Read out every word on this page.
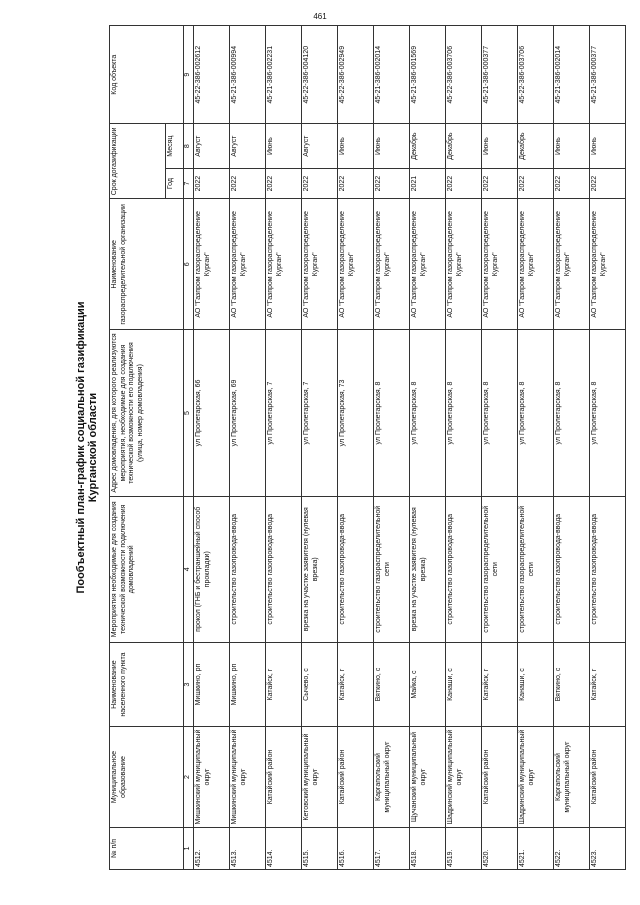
461
Пообъектный план-график социальной газификации Курганской области
№ п/п	Муниципальное образование	Наименование населенного пункта	Мероприятия необходимые для создания технической возможности подключения домовладений	Адрес домовладения, для которого реализуются мероприятия, необходимые для создания технической возможности его подключения (улица, номер домовладения)	Наименование газораспределительной организации	Срок догазификации		Код объекта
						Год	Месяц	
1	2	3	4	5	6	7	8	9
4512.	Мишкинский муниципальный округ	Мишкино, рп	прокол (ГНБ и бестраншейный способ прокладки)	ул Пролетарская, 66	АО "Газпром газораспределение Курган"	2022	Август	45-22-386-002612
4513.	Мишкинский муниципальный округ	Мишкино, рп	строительство газопровода-ввода	ул Пролетарская, 69	АО "Газпром газораспределение Курган"	2022	Август	45-21-386-000994
4514.	Катайский район	Катайск, г	строительство газопровода-ввода	ул Пролетарская, 7	АО "Газпром газораспределение Курган"	2022	Июнь	45-21-386-002231
4515.	Кетовский муниципальный округ	Сычево, с	врезка на участке заявителя (нулевая врезка)	ул Пролетарская, 7	АО "Газпром газораспределение Курган"	2022	Август	45-22-386-004120
4516.	Катайский район	Катайск, г	строительство газопровода-ввода	ул Пролетарская, 73	АО "Газпром газораспределение Курган"	2022	Июнь	45-22-386-002949
4517.	Каргапольский муниципальный округ	Вяткино, с	строительство газораспределительной сети	ул Пролетарская, 8	АО "Газпром газораспределение Курган"	2022	Июнь	45-21-386-002014
4518.	Щучанский муниципальный округ	Майка, с	врезка на участке заявителя (нулевая врезка)	ул Пролетарская, 8	АО "Газпром газораспределение Курган"	2021	Декабрь	45-21-386-001569
4519.	Шадринский муниципальный округ	Канаши, с	строительство газопровода-ввода	ул Пролетарская, 8	АО "Газпром газораспределение Курган"	2022	Декабрь	45-22-386-003706
4520.	Катайский район	Катайск, г	строительство газораспределительной сети	ул Пролетарская, 8	АО "Газпром газораспределение Курган"	2022	Июнь	45-21-386-000377
4521.	Шадринский муниципальный округ	Канаши, с	строительство газораспределительной сети	ул Пролетарская, 8	АО "Газпром газораспределение Курган"	2022	Декабрь	45-22-386-003706
4522.	Каргапольский муниципальный округ	Вяткино, с	строительство газопровода-ввода	ул Пролетарская, 8	АО "Газпром газораспределение Курган"	2022	Июнь	45-21-386-002014
4523.	Катайский район	Катайск, г	строительство газопровода-ввода	ул Пролетарская, 8	АО "Газпром газораспределение Курган"	2022	Июнь	45-21-386-000377
